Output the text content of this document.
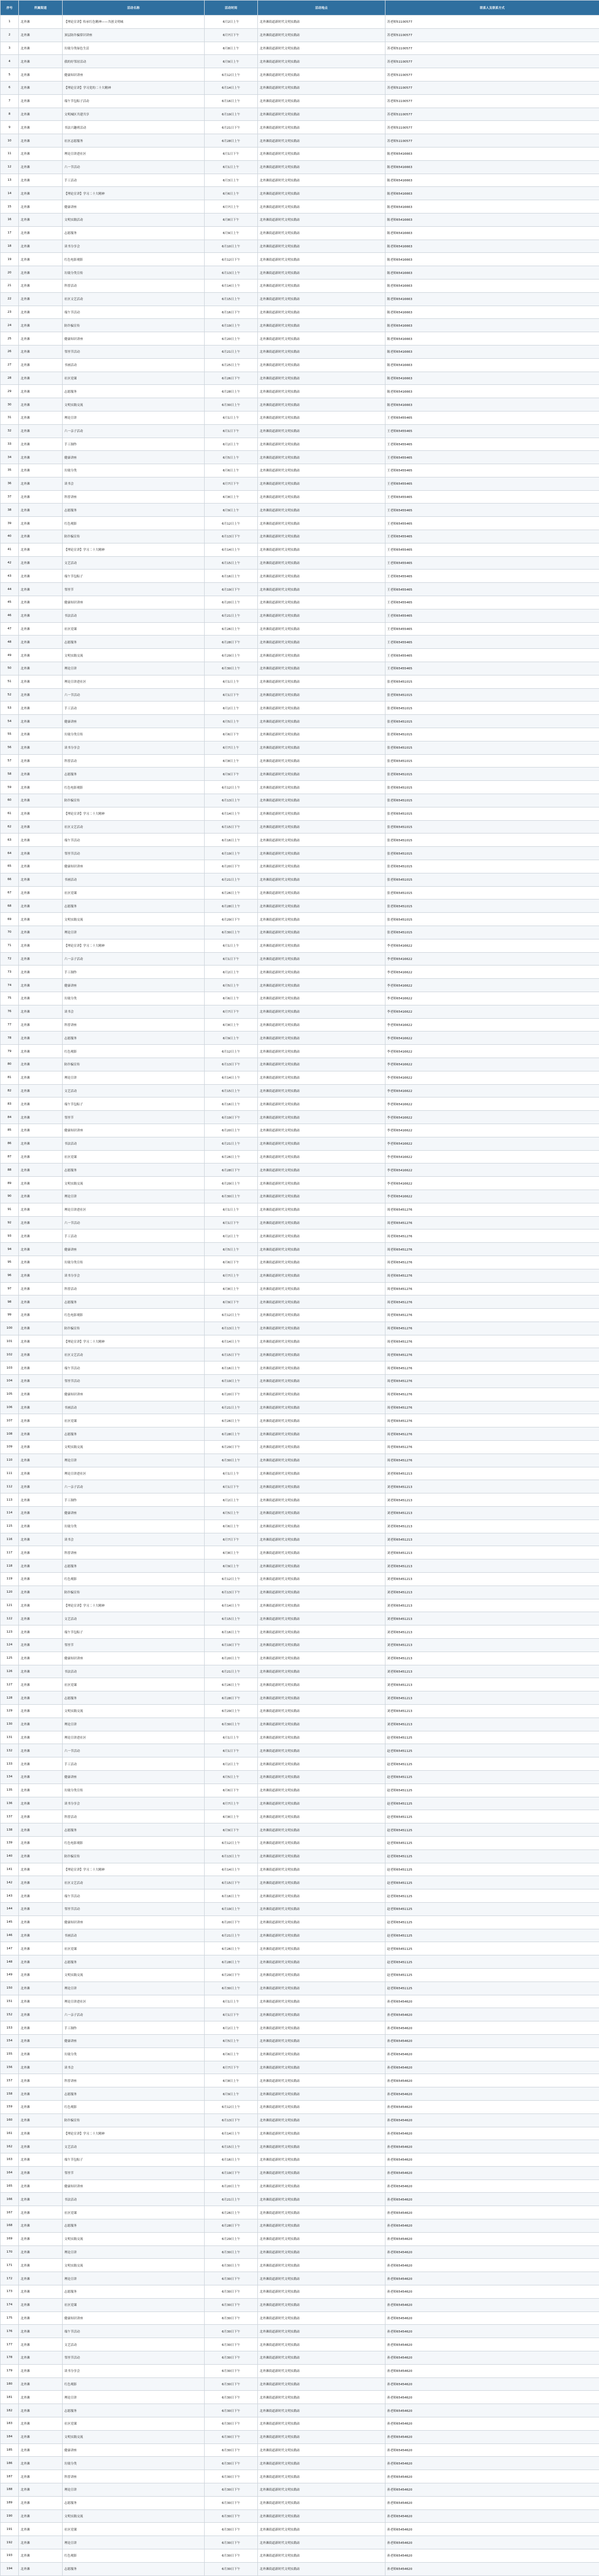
序号	所属街道	活动名称	活动时间	活动地点	联系人及联系方式
1	北外滩	【理论宣讲】传承红色精神——共创文明城	6月2日上午	北外滩街道新时代文明实践站	苏老师51100577
2	北外滩	顶层防诈骗常识讲座	6月7日下午	北外滩街道新时代文明实践站	苏老师51100577
3	北外滩	垃圾分类绿色生活	6月8日上午	北外滩街道新时代文明实践站	苏老师51100577
4	北外滩	我的好邻居活动	6月9日上午	北外滩街道新时代文明实践站	苏老师51100577
5	北外滩	健康知识讲座	6月12日上午	北外滩街道新时代文明实践站	苏老师51100577
6	北外滩	【理论宣讲】学习党的二十大精神	6月14日上午	北外滩街道新时代文明实践站	苏老师51100577
7	北外滩	端午节包粽子活动	6月16日上午	北外滩街道新时代文明实践站	苏老师51100577
8	北外滩	文明城区共建共享	6月19日上午	北外滩街道新时代文明实践站	苏老师51100577
9	北外滩	书法兴趣班活动	6月21日下午	北外滩街道新时代文明实践站	苏老师51100577
10	北外滩	社区志愿服务	6月28日上午	北外滩街道新时代文明实践站	苏老师51100577
11	北外滩	理论宣讲进社区	6月1日下午	北外滩街道新时代文明实践站	陈老师65416663
12	北外滩	六一节活动	6月1日上午	北外滩街道新时代文明实践站	陈老师65416663
13	北外滩	手工活动	6月3日上午	北外滩街道新时代文明实践站	陈老师65416663
14	北外滩	【理论宣讲】学习二十大精神	6月6日上午	北外滩街道新时代文明实践站	陈老师65416663
15	北外滩	健康讲座	6月7日上午	北外滩街道新时代文明实践站	陈老师65416663
16	北外滩	文明实践活动	6月8日下午	北外滩街道新时代文明实践站	陈老师65416663
17	北外滩	志愿服务	6月9日上午	北外滩街道新时代文明实践站	陈老师65416663
18	北外滩	读书分享会	6月10日上午	北外滩街道新时代文明实践站	陈老师65416663
19	北外滩	红色电影观影	6月12日下午	北外滩街道新时代文明实践站	陈老师65416663
20	北外滩	垃圾分类宣传	6月13日上午	北外滩街道新时代文明实践站	陈老师65416663
21	北外滩	科普活动	6月14日上午	北外滩街道新时代文明实践站	陈老师65416663
22	北外滩	社区文艺活动	6月15日上午	北外滩街道新时代文明实践站	陈老师65416663
23	北外滩	端午节活动	6月16日下午	北外滩街道新时代文明实践站	陈老师65416663
24	北外滩	防诈骗宣传	6月19日上午	北外滩街道新时代文明实践站	陈老师65416663
25	北外滩	健康知识讲座	6月20日上午	北外滩街道新时代文明实践站	陈老师65416663
26	北外滩	邻里节活动	6月21日上午	北外滩街道新时代文明实践站	陈老师65416663
27	北外滩	书画活动	6月25日上午	北外滩街道新时代文明实践站	陈老师65416663
28	北外滩	社区党课	6月26日下午	北外滩街道新时代文明实践站	陈老师65416663
29	北外滩	志愿服务	6月28日上午	北外滩街道新时代文明实践站	陈老师65416663
30	北外滩	文明实践交流	6月30日上午	北外滩街道新时代文明实践站	陈老师65416663
31	北外滩	理论宣讲	6月1日上午	北外滩街道新时代文明实践站	王老师65455465
32	北外滩	六一亲子活动	6月1日下午	北外滩街道新时代文明实践站	王老师65455465
33	北外滩	手工制作	6月2日上午	北外滩街道新时代文明实践站	王老师65455465
34	北外滩	健康讲座	6月5日上午	北外滩街道新时代文明实践站	王老师65455465
35	北外滩	垃圾分类	6月6日上午	北外滩街道新时代文明实践站	王老师65455465
36	北外滩	读书会	6月7日下午	北外滩街道新时代文明实践站	王老师65455465
37	北外滩	科普讲座	6月8日上午	北外滩街道新时代文明实践站	王老师65455465
38	北外滩	志愿服务	6月9日上午	北外滩街道新时代文明实践站	王老师65455465
39	北外滩	红色观影	6月12日上午	北外滩街道新时代文明实践站	王老师65455465
40	北外滩	防诈骗宣传	6月13日下午	北外滩街道新时代文明实践站	王老师65455465
41	北外滩	【理论宣讲】学习二十大精神	6月14日上午	北外滩街道新时代文明实践站	王老师65455465
42	北外滩	文艺活动	6月15日上午	北外滩街道新时代文明实践站	王老师65455465
43	北外滩	端午节包粽子	6月16日上午	北外滩街道新时代文明实践站	王老师65455465
44	北外滩	邻里节	6月19日下午	北外滩街道新时代文明实践站	王老师65455465
45	北外滩	健康知识讲座	6月20日上午	北外滩街道新时代文明实践站	王老师65455465
46	北外滩	书法活动	6月21日上午	北外滩街道新时代文明实践站	王老师65455465
47	北外滩	社区党课	6月26日上午	北外滩街道新时代文明实践站	王老师65455465
48	北外滩	志愿服务	6月28日下午	北外滩街道新时代文明实践站	王老师65455465
49	北外滩	文明实践交流	6月29日上午	北外滩街道新时代文明实践站	王老师65455465
50	北外滩	理论宣讲	6月30日上午	北外滩街道新时代文明实践站	王老师65455465
51	北外滩	理论宣讲进社区	6月1日上午	北外滩街道新时代文明实践站	张老师65451015
52	北外滩	六一节活动	6月1日下午	北外滩街道新时代文明实践站	张老师65451015
53	北外滩	手工活动	6月2日上午	北外滩街道新时代文明实践站	张老师65451015
54	北外滩	健康讲座	6月5日上午	北外滩街道新时代文明实践站	张老师65451015
55	北外滩	垃圾分类宣传	6月6日下午	北外滩街道新时代文明实践站	张老师65451015
56	北外滩	读书分享会	6月7日上午	北外滩街道新时代文明实践站	张老师65451015
57	北外滩	科普活动	6月8日上午	北外滩街道新时代文明实践站	张老师65451015
58	北外滩	志愿服务	6月9日下午	北外滩街道新时代文明实践站	张老师65451015
59	北外滩	红色电影观影	6月12日上午	北外滩街道新时代文明实践站	张老师65451015
60	北外滩	防诈骗宣传	6月13日上午	北外滩街道新时代文明实践站	张老师65451015
61	北外滩	【理论宣讲】学习二十大精神	6月14日上午	北外滩街道新时代文明实践站	张老师65451015
62	北外滩	社区文艺活动	6月15日下午	北外滩街道新时代文明实践站	张老师65451015
63	北外滩	端午节活动	6月16日上午	北外滩街道新时代文明实践站	张老师65451015
64	北外滩	邻里节活动	6月19日上午	北外滩街道新时代文明实践站	张老师65451015
65	北外滩	健康知识讲座	6月20日下午	北外滩街道新时代文明实践站	张老师65451015
66	北外滩	书画活动	6月21日上午	北外滩街道新时代文明实践站	张老师65451015
67	北外滩	社区党课	6月26日上午	北外滩街道新时代文明实践站	张老师65451015
68	北外滩	志愿服务	6月28日上午	北外滩街道新时代文明实践站	张老师65451015
69	北外滩	文明实践交流	6月29日下午	北外滩街道新时代文明实践站	张老师65451015
70	北外滩	理论宣讲	6月30日上午	北外滩街道新时代文明实践站	张老师65451015
71	北外滩	【理论宣讲】学习二十大精神	6月1日上午	北外滩街道新时代文明实践站	李老师65416622
72	北外滩	六一亲子活动	6月1日下午	北外滩街道新时代文明实践站	李老师65416622
73	北外滩	手工制作	6月2日上午	北外滩街道新时代文明实践站	李老师65416622
74	北外滩	健康讲座	6月5日上午	北外滩街道新时代文明实践站	李老师65416622
75	北外滩	垃圾分类	6月6日上午	北外滩街道新时代文明实践站	李老师65416622
76	北外滩	读书会	6月7日下午	北外滩街道新时代文明实践站	李老师65416622
77	北外滩	科普讲座	6月8日上午	北外滩街道新时代文明实践站	李老师65416622
78	北外滩	志愿服务	6月9日上午	北外滩街道新时代文明实践站	李老师65416622
79	北外滩	红色观影	6月12日上午	北外滩街道新时代文明实践站	李老师65416622
80	北外滩	防诈骗宣传	6月13日下午	北外滩街道新时代文明实践站	李老师65416622
81	北外滩	理论宣讲	6月14日上午	北外滩街道新时代文明实践站	李老师65416622
82	北外滩	文艺活动	6月15日上午	北外滩街道新时代文明实践站	李老师65416622
83	北外滩	端午节包粽子	6月16日上午	北外滩街道新时代文明实践站	李老师65416622
84	北外滩	邻里节	6月19日下午	北外滩街道新时代文明实践站	李老师65416622
85	北外滩	健康知识讲座	6月20日上午	北外滩街道新时代文明实践站	李老师65416622
86	北外滩	书法活动	6月21日上午	北外滩街道新时代文明实践站	李老师65416622
87	北外滩	社区党课	6月26日上午	北外滩街道新时代文明实践站	李老师65416622
88	北外滩	志愿服务	6月28日下午	北外滩街道新时代文明实践站	李老师65416622
89	北外滩	文明实践交流	6月29日上午	北外滩街道新时代文明实践站	李老师65416622
90	北外滩	理论宣讲	6月30日上午	北外滩街道新时代文明实践站	李老师65416622
91	北外滩	理论宣讲进社区	6月1日上午	北外滩街道新时代文明实践站	周老师65451276
92	北外滩	六一节活动	6月1日下午	北外滩街道新时代文明实践站	周老师65451276
93	北外滩	手工活动	6月2日上午	北外滩街道新时代文明实践站	周老师65451276
94	北外滩	健康讲座	6月5日上午	北外滩街道新时代文明实践站	周老师65451276
95	北外滩	垃圾分类宣传	6月6日下午	北外滩街道新时代文明实践站	周老师65451276
96	北外滩	读书分享会	6月7日上午	北外滩街道新时代文明实践站	周老师65451276
97	北外滩	科普活动	6月8日上午	北外滩街道新时代文明实践站	周老师65451276
98	北外滩	志愿服务	6月9日下午	北外滩街道新时代文明实践站	周老师65451276
99	北外滩	红色电影观影	6月12日上午	北外滩街道新时代文明实践站	周老师65451276
100	北外滩	防诈骗宣传	6月13日上午	北外滩街道新时代文明实践站	周老师65451276
101	北外滩	【理论宣讲】学习二十大精神	6月14日上午	北外滩街道新时代文明实践站	周老师65451276
102	北外滩	社区文艺活动	6月15日下午	北外滩街道新时代文明实践站	周老师65451276
103	北外滩	端午节活动	6月16日上午	北外滩街道新时代文明实践站	周老师65451276
104	北外滩	邻里节活动	6月19日上午	北外滩街道新时代文明实践站	周老师65451276
105	北外滩	健康知识讲座	6月20日下午	北外滩街道新时代文明实践站	周老师65451276
106	北外滩	书画活动	6月21日上午	北外滩街道新时代文明实践站	周老师65451276
107	北外滩	社区党课	6月26日上午	北外滩街道新时代文明实践站	周老师65451276
108	北外滩	志愿服务	6月28日上午	北外滩街道新时代文明实践站	周老师65451276
109	北外滩	文明实践交流	6月29日下午	北外滩街道新时代文明实践站	周老师65451276
110	北外滩	理论宣讲	6月30日上午	北外滩街道新时代文明实践站	周老师65451276
111	北外滩	理论宣讲进社区	6月1日上午	北外滩街道新时代文明实践站	刘老师65451213
112	北外滩	六一亲子活动	6月1日下午	北外滩街道新时代文明实践站	刘老师65451213
113	北外滩	手工制作	6月2日上午	北外滩街道新时代文明实践站	刘老师65451213
114	北外滩	健康讲座	6月5日上午	北外滩街道新时代文明实践站	刘老师65451213
115	北外滩	垃圾分类	6月6日上午	北外滩街道新时代文明实践站	刘老师65451213
116	北外滩	读书会	6月7日下午	北外滩街道新时代文明实践站	刘老师65451213
117	北外滩	科普讲座	6月8日上午	北外滩街道新时代文明实践站	刘老师65451213
118	北外滩	志愿服务	6月9日上午	北外滩街道新时代文明实践站	刘老师65451213
119	北外滩	红色观影	6月12日上午	北外滩街道新时代文明实践站	刘老师65451213
120	北外滩	防诈骗宣传	6月13日下午	北外滩街道新时代文明实践站	刘老师65451213
121	北外滩	【理论宣讲】学习二十大精神	6月14日上午	北外滩街道新时代文明实践站	刘老师65451213
122	北外滩	文艺活动	6月15日上午	北外滩街道新时代文明实践站	刘老师65451213
123	北外滩	端午节包粽子	6月16日上午	北外滩街道新时代文明实践站	刘老师65451213
124	北外滩	邻里节	6月19日下午	北外滩街道新时代文明实践站	刘老师65451213
125	北外滩	健康知识讲座	6月20日上午	北外滩街道新时代文明实践站	刘老师65451213
126	北外滩	书法活动	6月21日上午	北外滩街道新时代文明实践站	刘老师65451213
127	北外滩	社区党课	6月26日上午	北外滩街道新时代文明实践站	刘老师65451213
128	北外滩	志愿服务	6月28日下午	北外滩街道新时代文明实践站	刘老师65451213
129	北外滩	文明实践交流	6月29日上午	北外滩街道新时代文明实践站	刘老师65451213
130	北外滩	理论宣讲	6月30日上午	北外滩街道新时代文明实践站	刘老师65451213
131	北外滩	理论宣讲进社区	6月1日上午	北外滩街道新时代文明实践站	赵老师65451125
132	北外滩	六一节活动	6月1日下午	北外滩街道新时代文明实践站	赵老师65451125
133	北外滩	手工活动	6月2日上午	北外滩街道新时代文明实践站	赵老师65451125
134	北外滩	健康讲座	6月5日上午	北外滩街道新时代文明实践站	赵老师65451125
135	北外滩	垃圾分类宣传	6月6日下午	北外滩街道新时代文明实践站	赵老师65451125
136	北外滩	读书分享会	6月7日上午	北外滩街道新时代文明实践站	赵老师65451125
137	北外滩	科普活动	6月8日上午	北外滩街道新时代文明实践站	赵老师65451125
138	北外滩	志愿服务	6月9日下午	北外滩街道新时代文明实践站	赵老师65451125
139	北外滩	红色电影观影	6月12日上午	北外滩街道新时代文明实践站	赵老师65451125
140	北外滩	防诈骗宣传	6月13日上午	北外滩街道新时代文明实践站	赵老师65451125
141	北外滩	【理论宣讲】学习二十大精神	6月14日上午	北外滩街道新时代文明实践站	赵老师65451125
142	北外滩	社区文艺活动	6月15日下午	北外滩街道新时代文明实践站	赵老师65451125
143	北外滩	端午节活动	6月16日上午	北外滩街道新时代文明实践站	赵老师65451125
144	北外滩	邻里节活动	6月19日上午	北外滩街道新时代文明实践站	赵老师65451125
145	北外滩	健康知识讲座	6月20日下午	北外滩街道新时代文明实践站	赵老师65451125
146	北外滩	书画活动	6月21日上午	北外滩街道新时代文明实践站	赵老师65451125
147	北外滩	社区党课	6月26日上午	北外滩街道新时代文明实践站	赵老师65451125
148	北外滩	志愿服务	6月28日上午	北外滩街道新时代文明实践站	赵老师65451125
149	北外滩	文明实践交流	6月29日下午	北外滩街道新时代文明实践站	赵老师65451125
150	北外滩	理论宣讲	6月30日上午	北外滩街道新时代文明实践站	赵老师65451125
151	北外滩	理论宣讲进社区	6月1日上午	北外滩街道新时代文明实践站	孙老师65454620
152	北外滩	六一亲子活动	6月1日下午	北外滩街道新时代文明实践站	孙老师65454620
153	北外滩	手工制作	6月2日上午	北外滩街道新时代文明实践站	孙老师65454620
154	北外滩	健康讲座	6月5日上午	北外滩街道新时代文明实践站	孙老师65454620
155	北外滩	垃圾分类	6月6日上午	北外滩街道新时代文明实践站	孙老师65454620
156	北外滩	读书会	6月7日下午	北外滩街道新时代文明实践站	孙老师65454620
157	北外滩	科普讲座	6月8日上午	北外滩街道新时代文明实践站	孙老师65454620
158	北外滩	志愿服务	6月9日上午	北外滩街道新时代文明实践站	孙老师65454620
159	北外滩	红色观影	6月12日上午	北外滩街道新时代文明实践站	孙老师65454620
160	北外滩	防诈骗宣传	6月13日下午	北外滩街道新时代文明实践站	孙老师65454620
161	北外滩	【理论宣讲】学习二十大精神	6月14日上午	北外滩街道新时代文明实践站	孙老师65454620
162	北外滩	文艺活动	6月15日上午	北外滩街道新时代文明实践站	孙老师65454620
163	北外滩	端午节包粽子	6月16日上午	北外滩街道新时代文明实践站	孙老师65454620
164	北外滩	邻里节	6月19日下午	北外滩街道新时代文明实践站	孙老师65454620
165	北外滩	健康知识讲座	6月20日上午	北外滩街道新时代文明实践站	孙老师65454620
166	北外滩	书法活动	6月21日上午	北外滩街道新时代文明实践站	孙老师65454620
167	北外滩	社区党课	6月26日上午	北外滩街道新时代文明实践站	孙老师65454620
168	北外滩	志愿服务	6月28日下午	北外滩街道新时代文明实践站	孙老师65454620
169	北外滩	文明实践交流	6月29日上午	北外滩街道新时代文明实践站	孙老师65454620
170	北外滩	理论宣讲	6月30日上午	北外滩街道新时代文明实践站	孙老师65454620
171	北外滩	文明实践交流	6月30日上午	北外滩街道新时代文明实践站	孙老师65454620
172	北外滩	理论宣讲	6月30日下午	北外滩街道新时代文明实践站	孙老师65454620
173	北外滩	志愿服务	6月30日下午	北外滩街道新时代文明实践站	孙老师65454620
174	北外滩	社区党课	6月30日下午	北外滩街道新时代文明实践站	孙老师65454620
175	北外滩	健康知识讲座	6月30日下午	北外滩街道新时代文明实践站	孙老师65454620
176	北外滩	端午节活动	6月30日下午	北外滩街道新时代文明实践站	孙老师65454620
177	北外滩	文艺活动	6月30日下午	北外滩街道新时代文明实践站	孙老师65454620
178	北外滩	邻里节活动	6月30日下午	北外滩街道新时代文明实践站	孙老师65454620
179	北外滩	读书分享会	6月30日下午	北外滩街道新时代文明实践站	孙老师65454620
180	北外滩	红色观影	6月30日下午	北外滩街道新时代文明实践站	孙老师65454620
181	北外滩	理论宣讲	6月30日下午	北外滩街道新时代文明实践站	孙老师65454620
182	北外滩	志愿服务	6月30日下午	北外滩街道新时代文明实践站	孙老师65454620
183	北外滩	社区党课	6月30日下午	北外滩街道新时代文明实践站	孙老师65454620
184	北外滩	文明实践交流	6月30日下午	北外滩街道新时代文明实践站	孙老师65454620
185	北外滩	健康讲座	6月30日下午	北外滩街道新时代文明实践站	孙老师65454620
186	北外滩	垃圾分类	6月30日下午	北外滩街道新时代文明实践站	孙老师65454620
187	北外滩	科普讲座	6月30日下午	北外滩街道新时代文明实践站	孙老师65454620
188	北外滩	理论宣讲	6月30日下午	北外滩街道新时代文明实践站	孙老师65454620
189	北外滩	志愿服务	6月30日下午	北外滩街道新时代文明实践站	孙老师65454620
190	北外滩	文明实践交流	6月30日下午	北外滩街道新时代文明实践站	孙老师65454620
191	北外滩	社区党课	6月30日下午	北外滩街道新时代文明实践站	孙老师65454620
192	北外滩	理论宣讲	6月30日下午	北外滩街道新时代文明实践站	孙老师65454620
193	北外滩	红色观影	6月30日下午	北外滩街道新时代文明实践站	孙老师65454620
194	北外滩	志愿服务	6月30日下午	北外滩街道新时代文明实践站	孙老师65454620
